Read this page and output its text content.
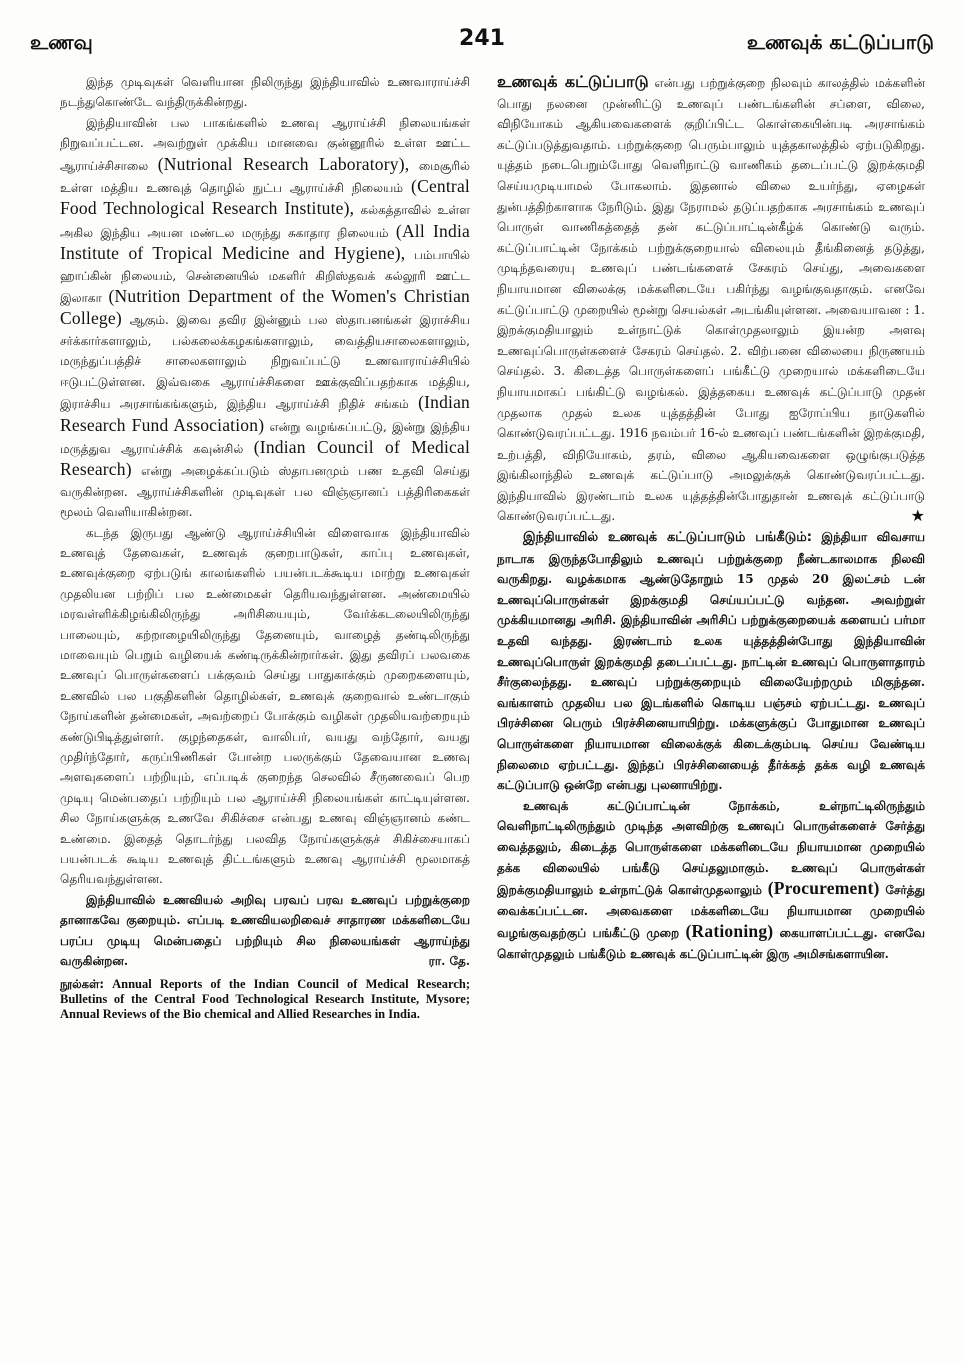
உணவு	241	உணவுக் கட்டுப்பாடு

இந்த முடிவுகள் வெளியான நிலிருந்து இந்தியாவில் உணவாராய்ச்சி நடந்துகொண்டே வந்திருக்கின்றது.

இந்தியாவின் பல பாகங்களில் உணவு ஆராய்ச்சி நிலையங்கள் நிறுவப்பட்டன. அவற்றுள் முக்கிய மானவை குன்னூரில் உள்ள ஊட்ட ஆராய்ச்சிசாலை (Nutrional Research Laboratory), மைசூரில் உள்ள மத்திய உணவுத் தொழில் நுட்ப ஆராய்ச்சி நிலையம் (Central Food Technological Research Institute), கல்கத்தாவில் உள்ள அகில இந்திய அயன மண்டல மருந்து சுகாதார நிலையம் (All India Institute of Tropical Medicine and Hygiene), பம்பாயில் ஹாப்கின் நிலையம், சென்னையில் மகளிர் கிறிஸ்தவக் கல்லூரி ஊட்ட இலாகா (Nutrition Department of the Women's Christian College) ஆகும். இவை தவிர இன்னும் பல ஸ்தாபனங்கள் இராச்சிய சர்க்கார்களாலும், பல்கலைக்கழகங்களாலும், வைத்தியசாலைகளாலும், மருந்துப்பத்திச் சாலைகளாலும் நிறுவப்பட்டு உணவாராய்ச்சியில் ஈடுபட்டுள்ளன. இவ்வகை ஆராய்ச்சிகளை ஊக்குவிப்பதற்காக மத்திய, இராச்சிய அரசாங்கங்களும், இந்திய ஆராய்ச்சி நிதிச் சங்கம் (Indian Research Fund Association) என்று வழங்கப்பட்டு, இன்று இந்திய மருத்துவ ஆராய்ச்சிக் கவுன்சில் (Indian Council of Medical Research) என்று அழைக்கப்படும் ஸ்தாபனமும் பண உதவி செய்து வருகின்றன. ஆராய்ச்சிகளின் முடிவுகள் பல விஞ்ஞானப் பத்திரிகைகள் மூலம் வெளியாகின்றன.

கடந்த இருபது ஆண்டு ஆராய்ச்சியின் விளைவாக இந்தியாவில் உணவுத் தேவைகள், உணவுக் குறைபாடுகள், காப்பு உணவுகள், உணவுக்குறை ஏற்படுங் காலங்களில் பயன்படக்கூடிய மாற்று உணவுகள் முதலியன பற்றிப் பல உண்மைகள் தெரியவந்துள்ளன. அண்மையில் மரவள்ளிக்கிழங்கிலிருந்து அரிசியையும், வேர்க்கடலையிலிருந்து பாலையும், கற்றாழையிலிருந்து தேனையும், வாழைத் தண்டிலிருந்து மாவையும் பெறும் வழியைக் கண்டிருக்கின்றார்கள். இது தவிரப் பலவகை உணவுப் பொருள்களைப் பக்குவம் செய்து பாதுகாக்கும் முறைகளையும், உணவில் பல பகுதிகளின் தொழில்கள், உணவுக் குறைவால் உண்டாகும் நோய்களின் தன்மைகள், அவற்றைப் போக்கும் வழிகள் முதலியவற்றையும் கண்டுபிடித்துள்ளர். குழந்தைகள், வாலிபர், வயது வந்தோர், வயது முதிர்ந்தோர், கருப்பிணிகள் போன்ற பலருக்கும் தேவையான உணவு அளவுகளைப் பற்றியும், எப்படிக் குறைந்த செலவில் சீருணவைப் பெற முடியு மென்பதைப் பற்றியும் பல ஆராய்ச்சி நிலையங்கள் காட்டியுள்ளன. சில நோய்களுக்கு உணவே சிகிச்சை என்பது உணவு விஞ்ஞானம் கண்ட உண்மை. இதைத் தொடர்ந்து பலவித நோய்களுக்குச் சிகிச்சையாகப் பயன்படக் கூடிய உணவுத் திட்டங்களும் உணவு ஆராய்ச்சி மூலமாகத் தெரியவந்துள்ளன.

இந்தியாவில் உணவியல் அறிவு பரவப் பரவ உணவுப் பற்றுக்குறை தானாகவே குறையும். எப்படி உணவியலறிவைச் சாதாரண மக்களிடையே பரப்ப முடியு மென்பதைப் பற்றியும் சில நிலையங்கள் ஆராய்ந்து வருகின்றன.	ரா. தே.

நூல்கள்: Annual Reports of the Indian Council of Medical Research; Bulletins of the Central Food Technological Research Institute, Mysore; Annual Reviews of the Bio chemical and Allied Researches in India.

உணவுக் கட்டுப்பாடு என்பது பற்றுக்குறை நிலவும் காலத்தில் மக்களின் பொது நலனை முன்னிட்டு உணவுப் பண்டங்களின் சப்ளை, விலை, விநியோகம் ஆகியவைகளைக் குறிப்பிட்ட கொள்கையின்படி அரசாங்கம் கட்டுப்படுத்துவதாம். பற்றுக்குறை பெரும்பாலும் யுத்தகாலத்தில் ஏற்படுகிறது. யுத்தம் நடைபெறும்போது வெளிநாட்டு வாணிகம் தடைப்பட்டு இறக்குமதி செய்யமுடியாமல் போகலாம். இதனால் விலை உயர்ந்து, ஏழைகள் துன்பத்திற்காளாக நேரிடும். இது நேராமல் தடுப்பதற்காக அரசாங்கம் உணவுப் பொருள் வாணிகத்தைத் தன் கட்டுப்பாட்டின்கீழ்க் கொண்டு வரும். கட்டுப்பாட்டின் நோக்கம் பற்றுக்குறையால் விலையும் தீங்கினைத் தடுத்து, முடிந்தவரையு உணவுப் பண்டங்களைச் சேகரம் செய்து, அவைகளை நியாயமான விலைக்கு மக்களிடையே பகிர்ந்து வழங்குவதாகும். எனவே கட்டுப்பாட்டு முறையில் மூன்று செயல்கள் அடங்கியுள்ளன. அவையாவன : 1. இறக்குமதியாலும் உள்நாட்டுக் கொள்முதலாலும் இயன்ற அளவு உணவுப்பொருள்களைச் சேகரம் செய்தல். 2. விற்பனை விலையை நிருணயம் செய்தல். 3. கிடைத்த பொருள்களைப் பங்கீட்டு முறையால் மக்களிடையே நியாயமாகப் பங்கிட்டு வழங்கல். இத்தகைய உணவுக் கட்டுப்பாடு முதன் முதலாக முதல் உலக யுத்தத்தின் போது ஐரோப்பிய நாடுகளில் கொண்டுவரப்பட்டது. 1916 நவம்பர் 16-ல் உணவுப் பண்டங்களின் இறக்குமதி, உற்பத்தி, விநியோகம், தரம், விலை ஆகியவைகளை ஒழுங்குபடுத்த இங்கிலாந்தில் உணவுக் கட்டுப்பாடு அமலுக்குக் கொண்டுவரப்பட்டது. இந்தியாவில் இரண்டாம் உலக யுத்தத்தின்போதுதான் உணவுக் கட்டுப்பாடு கொண்டுவரப்பட்டது.	★

இந்தியாவில் உணவுக் கட்டுப்பாடும் பங்கீடும்: இந்தியா விவசாய நாடாக இருந்தபோதிலும் உணவுப் பற்றுக்குறை நீண்டகாலமாக நிலவி வருகிறது. வழக்கமாக ஆண்டுதோறும் 15 முதல் 20 இலட்சம் டன் உணவுப்பொருள்கள் இறக்குமதி செய்யப்பட்டு வந்தன. அவற்றுள் முக்கியமானது அரிசி. இந்தியாவின் அரிசிப் பற்றுக்குறையைக் களையப் பர்மா உதவி வந்தது. இரண்டாம் உலக யுத்தத்தின்போது இந்தியாவின் உணவுப்பொருள் இறக்குமதி தடைப்பட்டது. நாட்டின் உணவுப் பொருளாதாரம் சீர்குலைந்தது. உணவுப் பற்றுக்குறையும் விலையேற்றமும் மிகுந்தன. வங்காளம் முதலிய பல இடங்களில் கொடிய பஞ்சம் ஏற்பட்டது. உணவுப் பிரச்சினை பெரும் பிரச்சினையாயிற்று. மக்களுக்குப் போதுமான உணவுப் பொருள்களை நியாயமான விலைக்குக் கிடைக்கும்படி செய்ய வேண்டிய நிலைமை ஏற்பட்டது. இந்தப் பிரச்சினையைத் தீர்க்கத் தக்க வழி உணவுக் கட்டுப்பாடு ஒன்றே என்பது புலனாயிற்று.

உணவுக் கட்டுப்பாட்டின் நோக்கம், உள்நாட்டிலிருந்தும் வெளிநாட்டிலிருந்தும் முடிந்த அளவிற்கு உணவுப் பொருள்களைச் சேர்த்து வைத்தலும், கிடைத்த பொருள்களை மக்களிடையே நியாயமான முறையில் தக்க விலையில் பங்கீடு செய்தலுமாகும். உணவுப் பொருள்கள் இறக்குமதியாலும் உள்நாட்டுக் கொள்முதலாலும் (Procurement) சேர்த்து வைக்கப்பட்டன. அவைகளை மக்களிடையே நியாயமான முறையில் வழங்குவதற்குப் பங்கீட்டு முறை (Rationing) கையாளப்பட்டது. எனவே கொள்முதலும் பங்கீடும் உணவுக் கட்டுப்பாட்டின் இரு அமிசங்களாயின.
